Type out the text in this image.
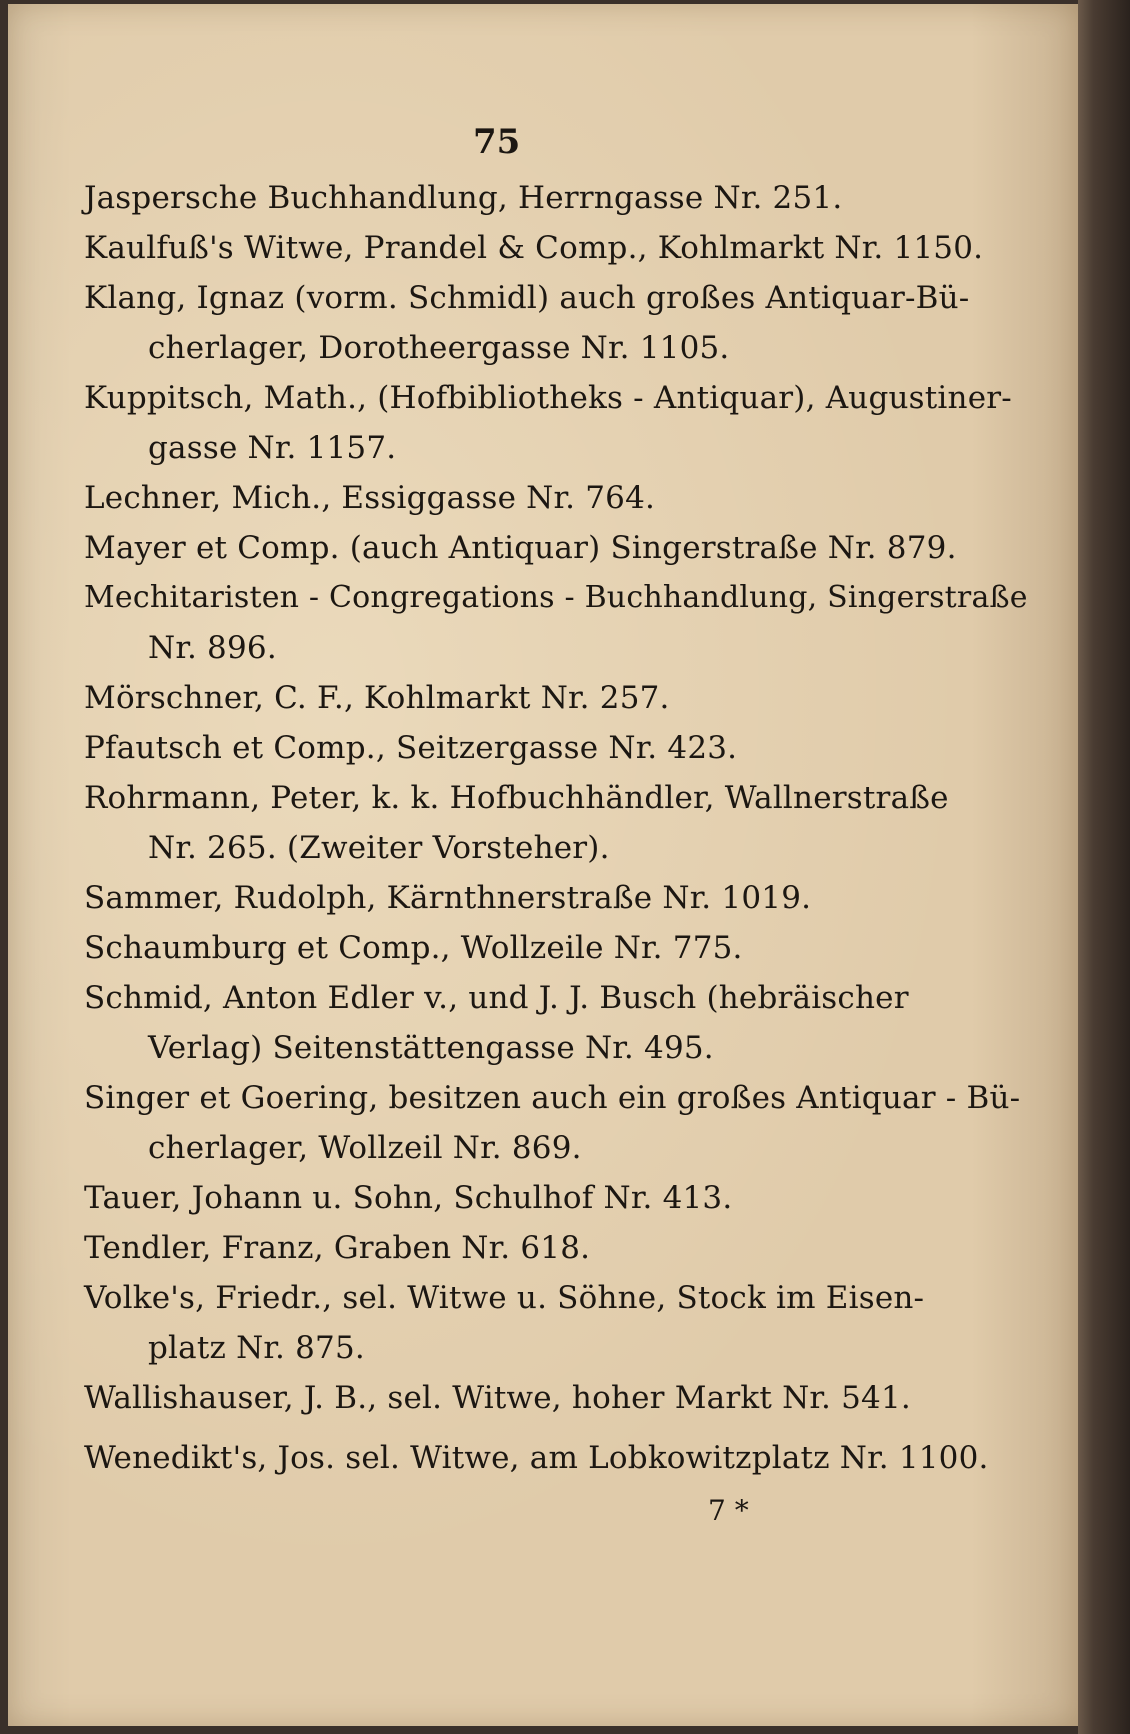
75
Jaspersche Buchhandlung, Herrngasse Nr. 251.
Kaulfuß's Witwe, Prandel & Comp., Kohlmarkt Nr. 1150.
Klang, Ignaz (vorm. Schmidl) auch großes Antiquar-Bü-
cherlager, Dorotheergasse Nr. 1105.
Kuppitsch, Math., (Hofbibliotheks - Antiquar), Augustiner-
gasse Nr. 1157.
Lechner, Mich., Essiggasse Nr. 764.
Mayer et Comp. (auch Antiquar) Singerstraße Nr. 879.
Mechitaristen - Congregations - Buchhandlung, Singerstraße
Nr. 896.
Mörschner, C. F., Kohlmarkt Nr. 257.
Pfautsch et Comp., Seitzergasse Nr. 423.
Rohrmann, Peter, k. k. Hofbuchhändler, Wallnerstraße
Nr. 265. (Zweiter Vorsteher).
Sammer, Rudolph, Kärnthnerstraße Nr. 1019.
Schaumburg et Comp., Wollzeile Nr. 775.
Schmid, Anton Edler v., und J. J. Busch (hebräischer
Verlag) Seitenstättengasse Nr. 495.
Singer et Goering, besitzen auch ein großes Antiquar - Bü-
cherlager, Wollzeil Nr. 869.
Tauer, Johann u. Sohn, Schulhof Nr. 413.
Tendler, Franz, Graben Nr. 618.
Volke's, Friedr., sel. Witwe u. Söhne, Stock im Eisen-
platz Nr. 875.
Wallishauser, J. B., sel. Witwe, hoher Markt Nr. 541.
Wenedikt's, Jos. sel. Witwe, am Lobkowitzplatz Nr. 1100.
7 *
